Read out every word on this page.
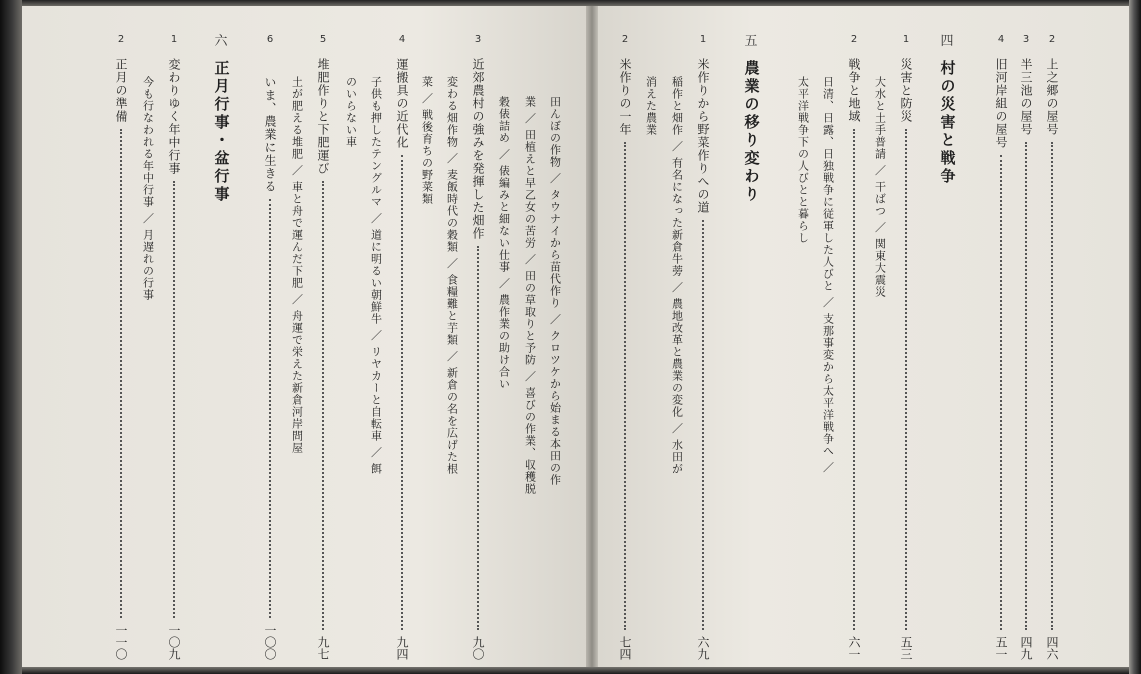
六
正月行事・盆行事
2
正月の準備
一一〇
1
変わりゆく年中行事
一〇九
今も行なわれる年中行事 ／ 月遅れの行事
6
いま、農業に生きる
一〇〇
5
堆肥作りと下肥運び
九七
土が肥える堆肥 ／ 車と舟で運んだ下肥 ／ 舟運で栄えた新倉河岸問屋
4
運搬具の近代化
九四
子供も押したテングルマ ／ 道に明るい朝鮮牛 ／ リヤカーと自転車 ／ 餌
のいらない車
3
近郊農村の強みを発揮した畑作
九〇
変わる畑作物 ／ 麦飯時代の穀類 ／ 食糧難と芋類 ／ 新倉の名を広げた根
菜 ／ 戦後育ちの野菜類	田んぼの作物 ／ タウナイから苗代作り ／ クロツケから始まる本田の作
業 ／ 田植えと早乙女の苦労 ／ 田の草取りと予防 ／ 喜びの作業、収穫脱
穀俵詰め ／ 俵編みと細ない仕事 ／ 農作業の助け合い
2
米作りの一年
七四
1
米作りから野菜作りへの道
六九
稲作と畑作 ／ 有名になった新倉牛蒡 ／ 農地改革と農業の変化 ／ 水田が
消えた農業
五
農業の移り変わり
2
戦争と地域
六一
日清、日露、日独戦争に従軍した人びと ／ 支那事変から太平洋戦争へ ／
太平洋戦争下の人びとと暮らし
1
災害と防災
五三
大水と土手普請 ／ 干ばつ ／ 関東大震災
四
村の災害と戦争
4
旧河岸組の屋号
五一
3
半三池の屋号
四九
2
上之郷の屋号
四六
